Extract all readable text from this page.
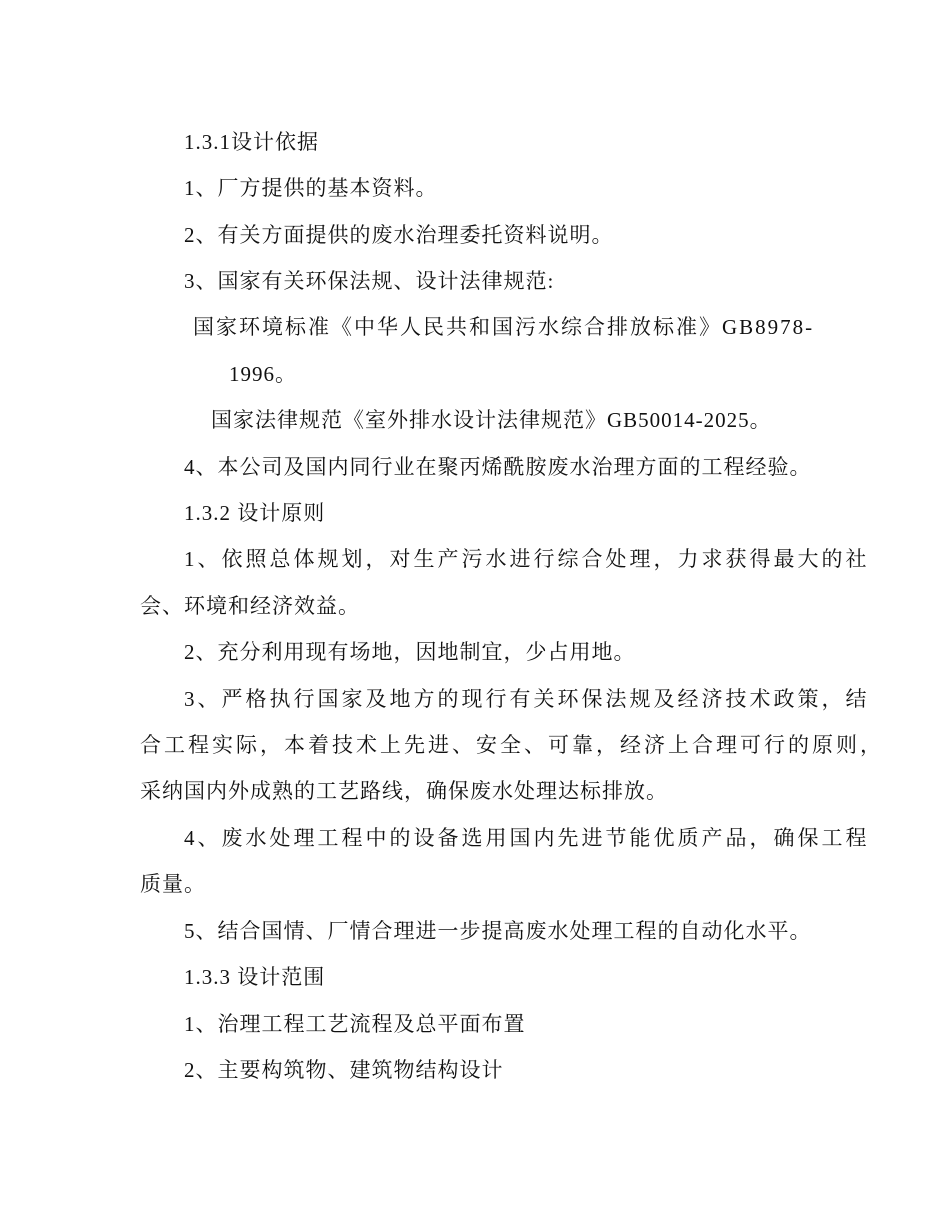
1.3.1设计依据
1、厂方提供的基本资料。
2、有关方面提供的废水治理委托资料说明。
3、国家有关环保法规、设计法律规范:
国家环境标准《中华人民共和国污水综合排放标准》GB8978-
1996。
国家法律规范《室外排水设计法律规范》GB50014-2025。
4、本公司及国内同行业在聚丙烯酰胺废水治理方面的工程经验。
1.3.2 设计原则
1、依照总体规划，对生产污水进行综合处理，力求获得最大的社
会、环境和经济效益。
2、充分利用现有场地，因地制宜，少占用地。
3、严格执行国家及地方的现行有关环保法规及经济技术政策，结
合工程实际，本着技术上先进、安全、可靠，经济上合理可行的原则，
采纳国内外成熟的工艺路线，确保废水处理达标排放。
4、废水处理工程中的设备选用国内先进节能优质产品，确保工程
质量。
5、结合国情、厂情合理进一步提高废水处理工程的自动化水平。
1.3.3 设计范围
1、治理工程工艺流程及总平面布置
2、主要构筑物、建筑物结构设计
